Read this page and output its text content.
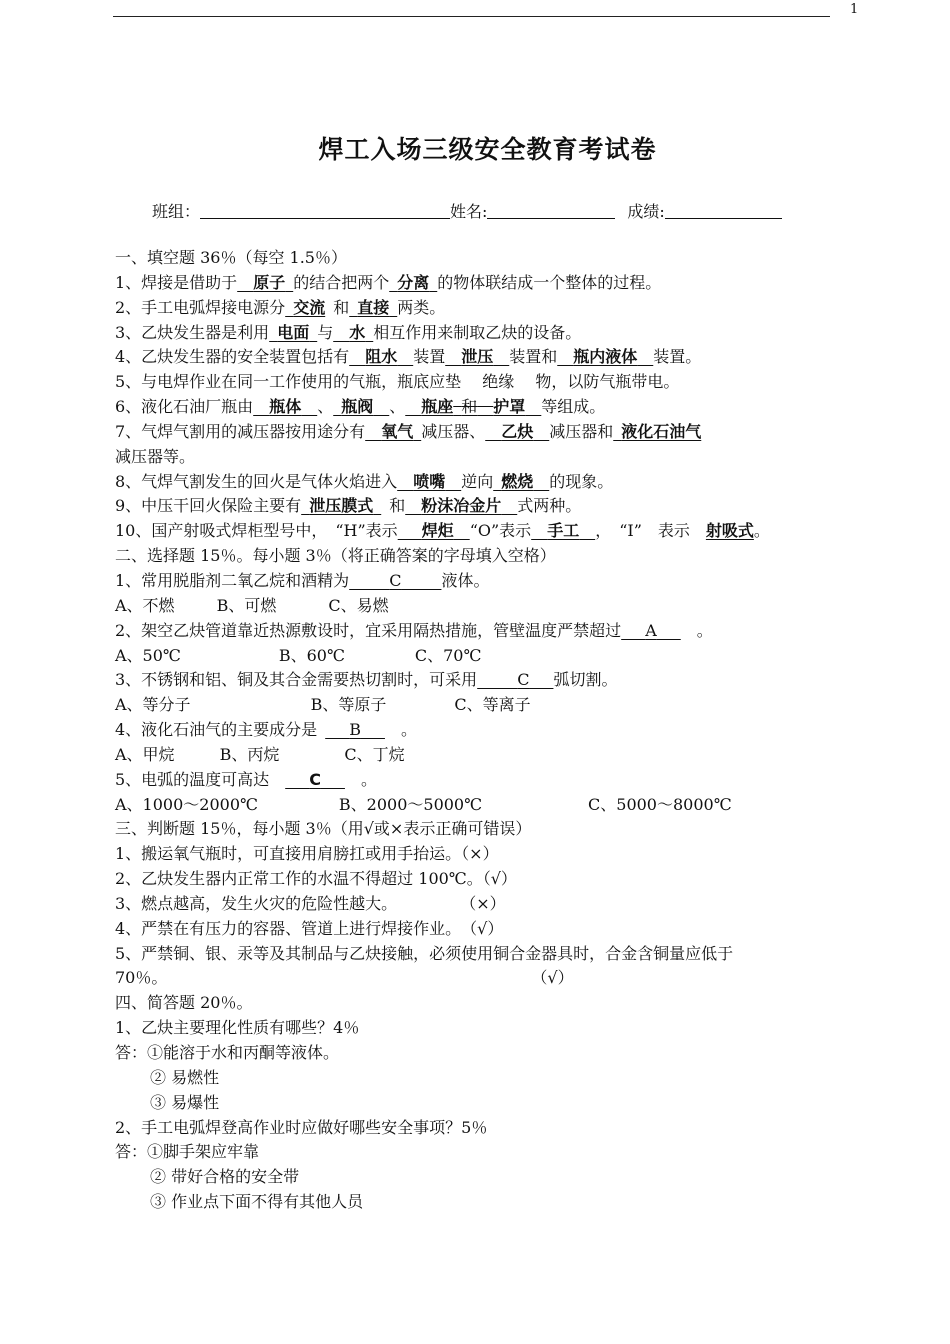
1
焊工入场三级安全教育考试卷
班组：	姓名:	成绩:
一、填空题 36％（每空 1.5％）
1、焊接是借助于  原子  的结合把两个  分离  的物体联结成一个整体的过程。
2、手工电弧焊接电源分  交流  和  直接  两类。
3、乙炔发生器是利用  电面  与   水  相互作用来制取乙炔的设备。
4、乙炔发生器的安全装置包括有   阻水   装置   泄压   装置和   瓶内液体   装置。
5、与电焊作业在同一工作使用的气瓶，瓶底应垫　 绝缘　 物，以防气瓶带电。
6、液化石油厂瓶由   瓶体   、  瓶阀   、   瓶座  和   护罩   等组成。
7、气焊气割用的减压器按用途分有   氧气  减压器、   乙炔   减压器和  液化石油气
减压器等。
8、气焊气割发生的回火是气体火焰进入   喷嘴   逆向  燃烧   的现象。
9、中压干回火保险主要有  泄压膜式   和   粉沫冶金片   式两种。
10、国产射吸式焊柜型号中，　“H”表示    焊炬   “O”表示   手工   ，　“I”　表示  射吸式。
二、选择题 15％。每小题 3％（将正确答案的字母填入空格）
1、常用脱脂剂二氧乙烷和酒精为   	C   	液体。
A、不燃	B、可燃	C、易燃
2、架空乙炔管道靠近热源敷设时，宜采用隔热措施，管壁温度严禁超过   A   	。
A、50℃	B、60℃	C、70℃
3、不锈钢和铝、铜及其合金需要热切割时，可采用   	C   弧切割。
A、等分子	B、等原子	C、等离子
4、液化石油气的主要成分是    B   	。
A、甲烷	B、丙烷	C、丁烷
5、电弧的温度可高达    	C   	。
A、1000～2000℃	B、2000～5000℃	C、5000～8000℃
三、判断题 15％，每小题 3％（用√或×表示正确可错误）
1、搬运氧气瓶时，可直接用肩膀扛或用手抬运。（×）
2、乙炔发生器内正常工作的水温不得超过 100℃。（√）
3、燃点越高，发生火灾的危险性越大。	（×）
4、严禁在有压力的容器、管道上进行焊接作业。　（√）
5、严禁铜、银、汞等及其制品与乙炔接触，必须使用铜合金器具时，合金含铜量应低于
70％。	（√）
四、简答题 20％。
1、乙炔主要理化性质有哪些？4％
答：①能溶于水和丙酮等液体。
② 易燃性
③ 易爆性
2、手工电弧焊登高作业时应做好哪些安全事项？5％
答：①脚手架应牢靠
② 带好合格的安全带
③ 作业点下面不得有其他人员
